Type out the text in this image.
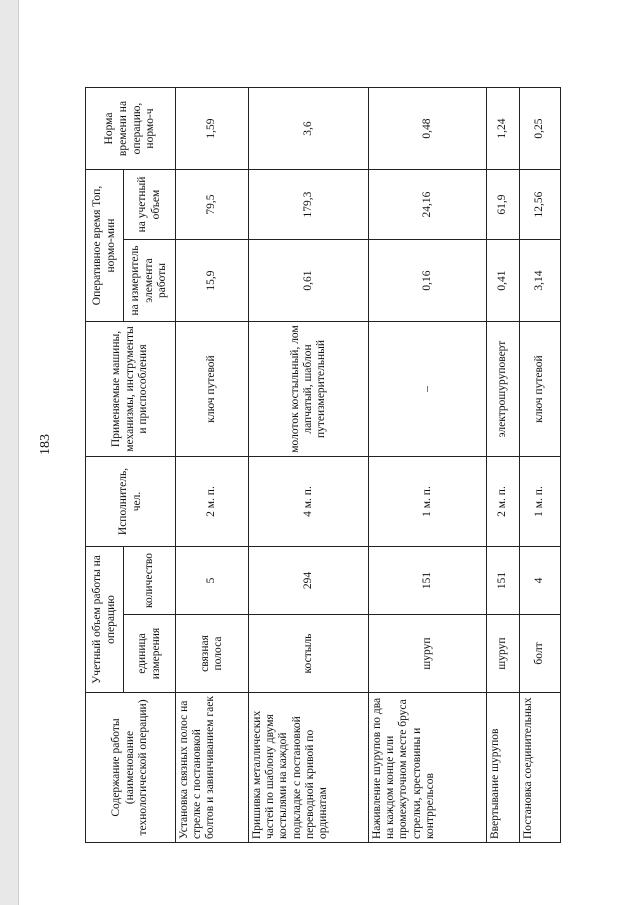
183
Содержание работы (наименование технологической операции)	Учетный объем работы на операцию		Исполнитель, чел.	Применяемые машины, механизмы, инструменты и приспособления	Оперативное время Топ, нормо-мин		Норма времени на операцию, нормо-ч
	единица измерения	количество			на измеритель элемента работы	на учетный объем	
Установка связных полос на стрелке с постановкой болтов и завинчиванием гаек	связная полоса	5	2 м. п.	ключ путевой	15,9	79,5	1,59
Пришивка металлических частей по шаблону двумя костылями на каждой подкладке с постановкой переводной кривой по ординатам	костыль	294	4 м. п.	молоток костыльный, лом лапчатый, шаблон путеизмерительный	0,61	179,3	3,6
Наживление шурупов по два на каждом конце или промежуточном месте бруса стрелки, крестовины и контррельсов	шуруп	151	1 м. п.	–	0,16	24,16	0,48
Ввертывание шурупов	шуруп	151	2 м. п.	электрошуруповерт	0,41	61,9	1,24
Постановка соединительных	болт	4	1 м. п.	ключ путевой	3,14	12,56	0,25
